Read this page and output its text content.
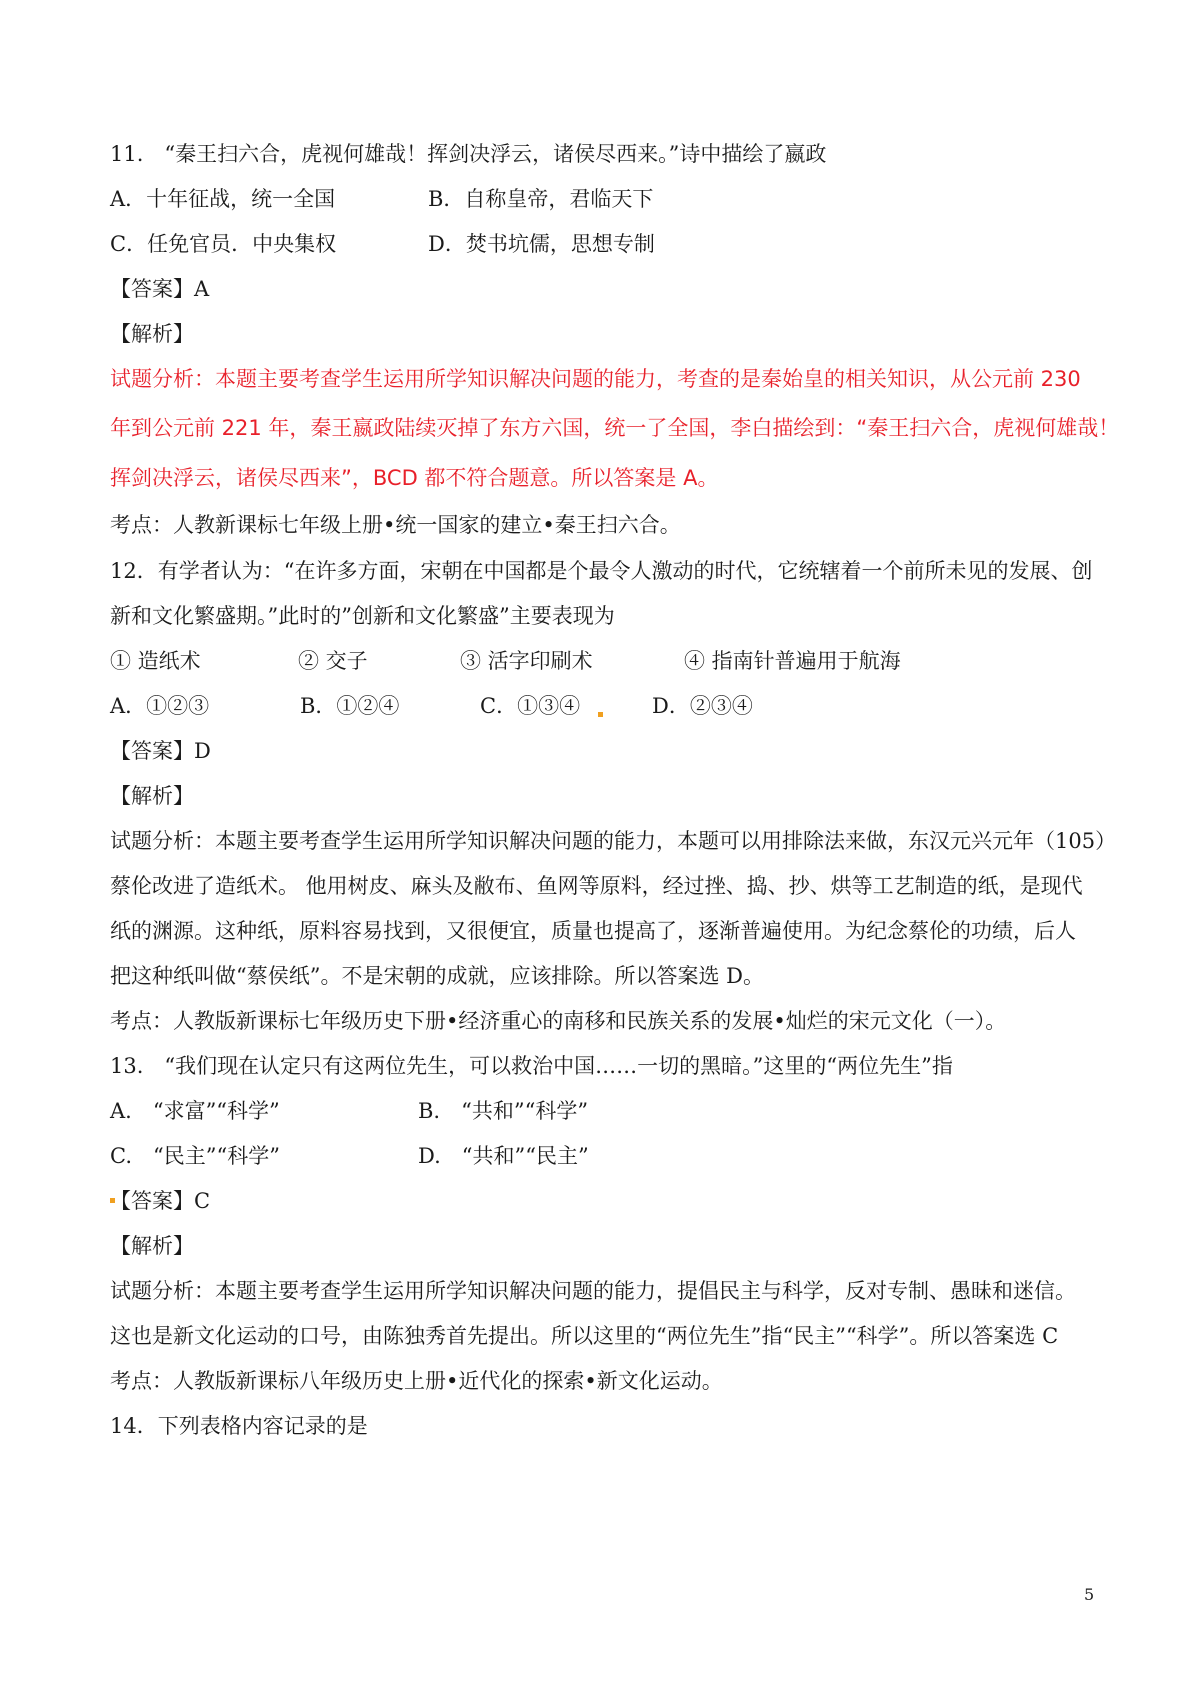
11.　“秦王扫六合，虎视何雄哉！挥剑决浮云，诸侯尽西来。”诗中描绘了嬴政
A．十年征战，统一全国	B．自称皇帝，君临天下
C．任免官员．中央集权	D．焚书坑儒，思想专制
【答案】A
【解析】
试题分析：本题主要考查学生运用所学知识解决问题的能力，考查的是秦始皇的相关知识，从公元前 230
年到公元前 221 年，秦王嬴政陆续灭掉了东方六国，统一了全国，李白描绘到：“秦王扫六合，虎视何雄哉！
挥剑决浮云，诸侯尽西来”，BCD 都不符合题意。所以答案是 A。
考点：人教新课标七年级上册•统一国家的建立•秦王扫六合。
12．有学者认为：“在许多方面，宋朝在中国都是个最令人激动的时代，它统辖着一个前所未见的发展、创
新和文化繁盛期。”此时的”创新和文化繁盛”主要表现为
① 造纸术	② 交子	③ 活字印刷术	④ 指南针普遍用于航海
A．①②③	B．①②④	C．①③④	D．②③④
【答案】D
【解析】
试题分析：本题主要考查学生运用所学知识解决问题的能力，本题可以用排除法来做，东汉元兴元年（105）
蔡伦改进了造纸术。 他用树皮、麻头及敝布、鱼网等原料，经过挫、捣、抄、烘等工艺制造的纸，是现代
纸的渊源。这种纸，原料容易找到，又很便宜，质量也提高了，逐渐普遍使用。为纪念蔡伦的功绩，后人
把这种纸叫做“蔡侯纸”。不是宋朝的成就，应该排除。所以答案选 D。
考点：人教版新课标七年级历史下册•经济重心的南移和民族关系的发展•灿烂的宋元文化（一）。
13.　“我们现在认定只有这两位先生，可以救治中国……一切的黑暗。”这里的“两位先生”指
A.　“求富”“科学”	B.　“共和”“科学”
C.　“民主”“科学”	D.　“共和”“民主”
【答案】C
【解析】
试题分析：本题主要考查学生运用所学知识解决问题的能力，提倡民主与科学，反对专制、愚昧和迷信。
这也是新文化运动的口号，由陈独秀首先提出。所以这里的“两位先生”指“民主”“科学”。所以答案选 C
考点：人教版新课标八年级历史上册•近代化的探索•新文化运动。
14．下列表格内容记录的是
5
